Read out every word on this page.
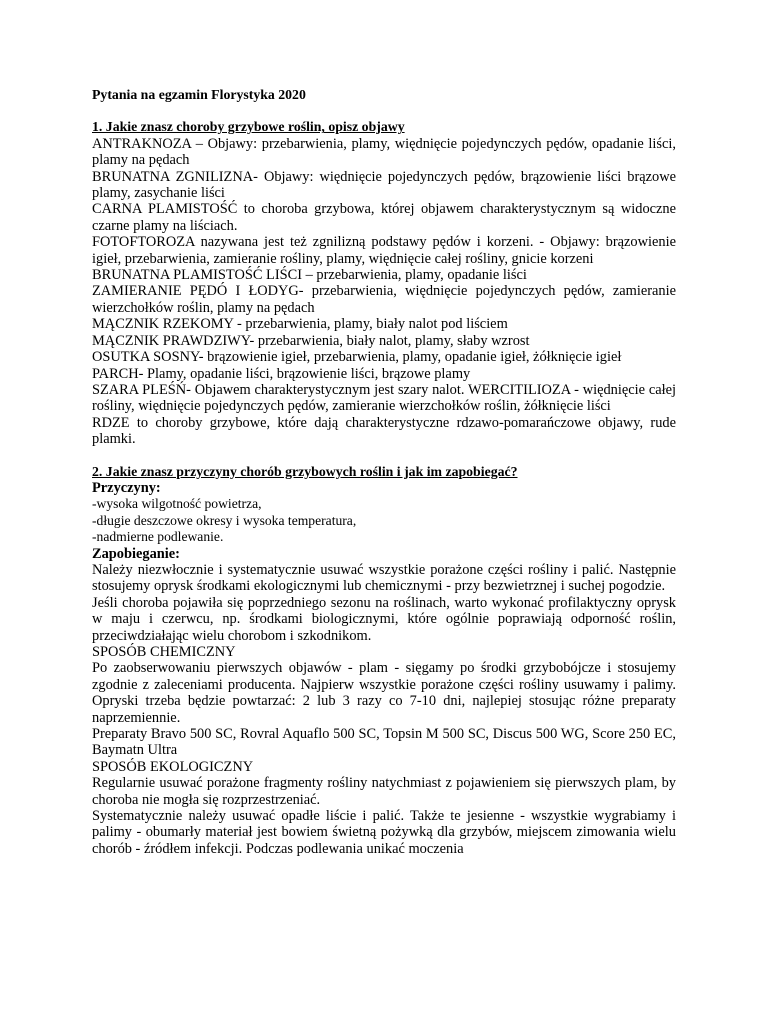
Pytania na egzamin Florystyka 2020

1. Jakie znasz choroby grzybowe roślin, opisz objawy

ANTRAKNOZA – Objawy: przebarwienia, plamy, więdnięcie pojedynczych pędów, opadanie liści, plamy na pędach

BRUNATNA ZGNILIZNA- Objawy: więdnięcie pojedynczych pędów, brązowienie liści brązowe plamy, zasychanie liści

CARNA PLAMISTOŚĆ to choroba grzybowa, której objawem charakterystycznym są widoczne czarne plamy na liściach.

FOTOFTOROZA nazywana jest też zgnilizną podstawy pędów i korzeni. - Objawy: brązowienie igieł, przebarwienia, zamieranie rośliny, plamy, więdnięcie całej rośliny, gnicie korzeni

BRUNATNA PLAMISTOŚĆ LIŚCI – przebarwienia, plamy, opadanie liści

ZAMIERANIE PĘDÓ I ŁODYG- przebarwienia, więdnięcie pojedynczych pędów, zamieranie wierzchołków roślin, plamy na pędach

MĄCZNIK RZEKOMY - przebarwienia, plamy, biały nalot pod liściem

MĄCZNIK PRAWDZIWY- przebarwienia, biały nalot, plamy, słaby wzrost

OSUTKA SOSNY- brązowienie igieł, przebarwienia, plamy, opadanie igieł, żółknięcie igieł

PARCH- Plamy, opadanie liści, brązowienie liści, brązowe plamy

SZARA PLEŚŃ- Objawem charakterystycznym jest szary nalot. WERCITILIOZA - więdnięcie całej rośliny, więdnięcie pojedynczych pędów, zamieranie wierzchołków roślin, żółknięcie liści

RDZE to choroby grzybowe, które dają charakterystyczne rdzawo-pomarańczowe objawy, rude plamki.

2. Jakie znasz przyczyny chorób grzybowych roślin i jak im zapobiegać?

Przyczyny:

-wysoka wilgotność powietrza,

-długie deszczowe okresy i wysoka temperatura,

-nadmierne podlewanie.

Zapobieganie:

Należy niezwłocznie i systematycznie usuwać wszystkie porażone części rośliny i palić. Następnie stosujemy oprysk środkami ekologicznymi lub chemicznymi - przy bezwietrznej i suchej pogodzie.

Jeśli choroba pojawiła się poprzedniego sezonu na roślinach, warto wykonać profilaktyczny oprysk w maju i czerwcu, np. środkami biologicznymi, które ogólnie poprawiają odporność roślin, przeciwdziałając wielu chorobom i szkodnikom.

SPOSÓB CHEMICZNY

Po zaobserwowaniu pierwszych objawów - plam - sięgamy po środki grzybobójcze i stosujemy zgodnie z zaleceniami producenta. Najpierw wszystkie porażone części rośliny usuwamy i palimy. Opryski trzeba będzie powtarzać: 2 lub 3 razy co 7-10 dni, najlepiej stosując różne preparaty naprzemiennie.

Preparaty Bravo 500 SC, Rovral Aquaflo 500 SC, Topsin M 500 SC, Discus 500 WG, Score 250 EC, Baymatn Ultra

SPOSÓB EKOLOGICZNY

Regularnie usuwać porażone fragmenty rośliny natychmiast z pojawieniem się pierwszych plam, by choroba nie mogła się rozprzestrzeniać.

Systematycznie należy usuwać opadłe liście i palić. Także te jesienne - wszystkie wygrabiamy i palimy - obumarły materiał jest bowiem świetną pożywką dla grzybów, miejscem zimowania wielu chorób - źródłem infekcji. Podczas podlewania unikać moczenia
